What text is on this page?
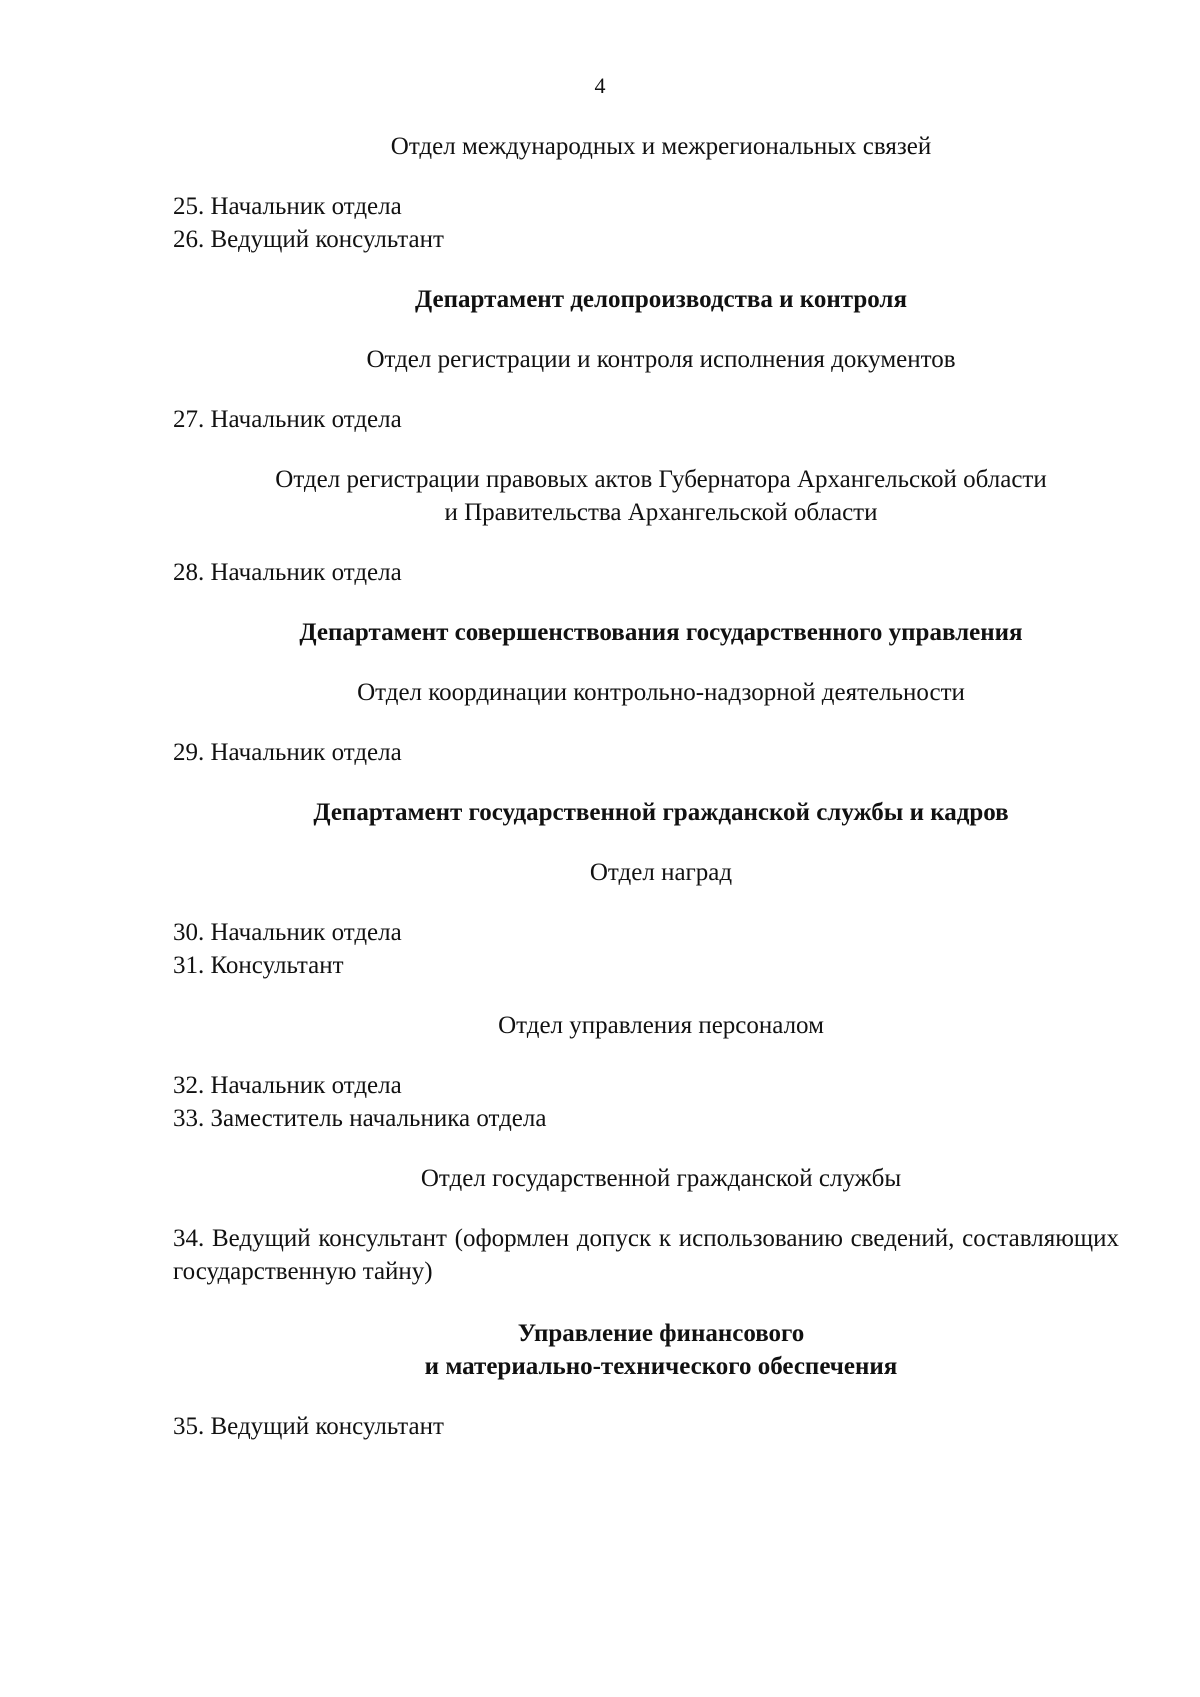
4
Отдел международных и межрегиональных связей
25. Начальник отдела
26. Ведущий консультант
Департамент делопроизводства и контроля
Отдел регистрации и контроля исполнения документов
27. Начальник отдела
Отдел регистрации правовых актов Губернатора Архангельской области
и Правительства Архангельской области
28. Начальник отдела
Департамент совершенствования государственного управления
Отдел координации контрольно-надзорной деятельности
29. Начальник отдела
Департамент государственной гражданской службы и кадров
Отдел наград
30. Начальник отдела
31. Консультант
Отдел управления персоналом
32. Начальник отдела
33. Заместитель начальника отдела
Отдел государственной гражданской службы
34. Ведущий консультант (оформлен допуск к использованию сведений, составляющих государственную тайну)
Управление финансового
и материально-технического обеспечения
35. Ведущий консультант
